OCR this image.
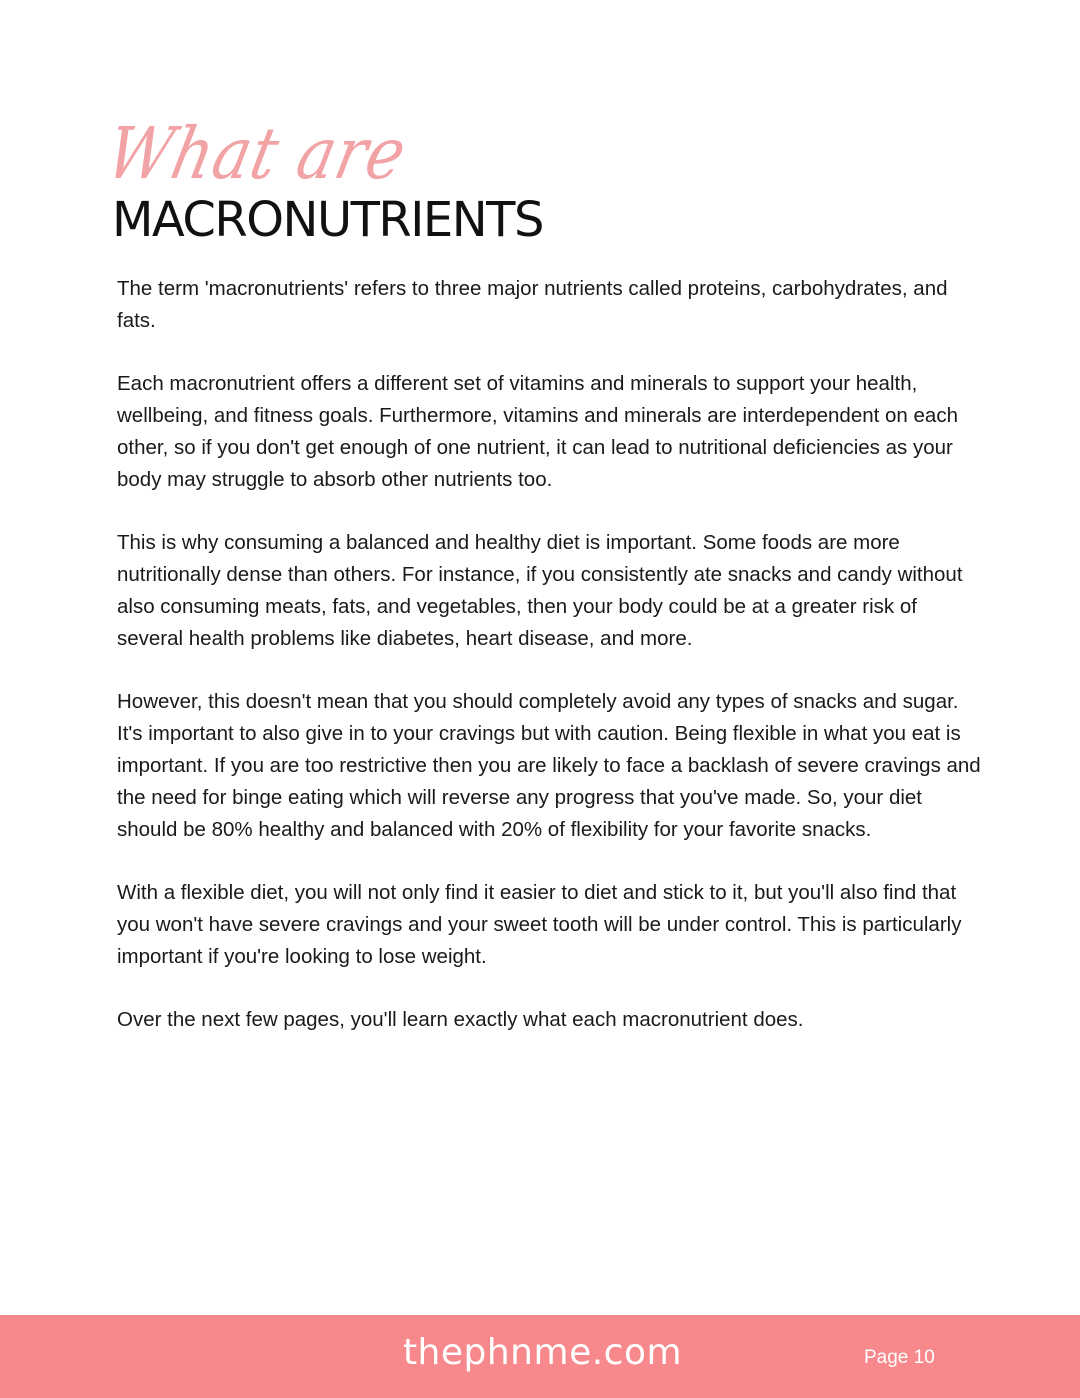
What are
MACRONUTRIENTS

The term 'macronutrients' refers to three major nutrients called proteins, carbohydrates, and fats.

Each macronutrient offers a different set of vitamins and minerals to support your health, wellbeing, and fitness goals. Furthermore, vitamins and minerals are interdependent on each other, so if you don't get enough of one nutrient, it can lead to nutritional deficiencies as your body may struggle to absorb other nutrients too.

This is why consuming a balanced and healthy diet is important. Some foods are more nutritionally dense than others. For instance, if you consistently ate snacks and candy without also consuming meats, fats, and vegetables, then your body could be at a greater risk of several health problems like diabetes, heart disease, and more.

However, this doesn't mean that you should completely avoid any types of snacks and sugar. It's important to also give in to your cravings but with caution. Being flexible in what you eat is important. If you are too restrictive then you are likely to face a backlash of severe cravings and the need for binge eating which will reverse any progress that you've made. So, your diet should be 80% healthy and balanced with 20% of flexibility for your favorite snacks.

With a flexible diet, you will not only find it easier to diet and stick to it, but you'll also find that you won't have severe cravings and your sweet tooth will be under control. This is particularly important if you're looking to lose weight.

Over the next few pages, you'll learn exactly what each macronutrient does.

thephnme.com	Page 10
